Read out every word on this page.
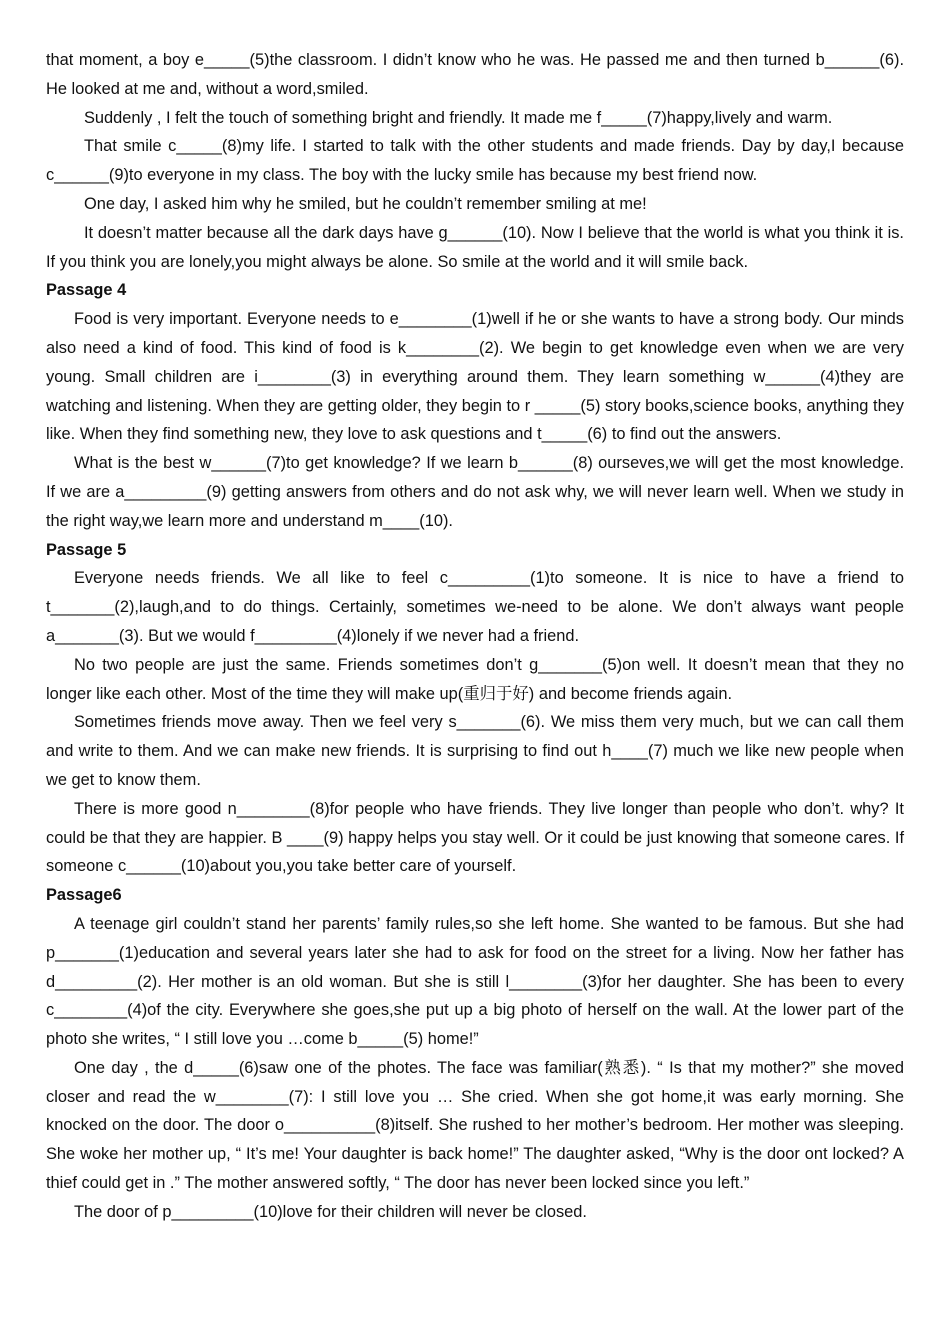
that moment, a boy e_____(5)the classroom. I didn’t know who he was. He passed me and then turned b______(6). He looked at me and, without a word,smiled.

Suddenly , I felt the touch of something bright and friendly. It made me f_____(7)happy,lively and warm.

That smile c_____(8)my life. I started to talk with the other students and made friends. Day by day,I because c______(9)to everyone in my class. The boy with the lucky smile has because my best friend now.

One day, I asked him why he smiled, but he couldn’t remember smiling at me!

It doesn’t matter because all the dark days have g______(10). Now I believe that the world is what you think it is. If you think you are lonely,you might always be alone. So smile at the world and it will smile back.

Passage 4

Food is very important. Everyone needs to e________(1)well if he or she wants to have a strong body. Our minds also need a kind of food. This kind of food is k________(2). We begin to get knowledge even when we are very young. Small children are i________(3) in everything around them. They learn something w______(4)they are watching and listening. When they are getting older, they begin to r _____(5) story books,science books, anything they like. When they find something new, they love to ask questions and t_____(6) to find out the answers.

What is the best w______(7)to get knowledge? If we learn b______(8) ourseves,we will get the most knowledge. If we are a_________(9) getting answers from others and do not ask why, we will never learn well. When we study in the right way,we learn more and understand m____(10).

Passage 5

Everyone needs friends. We all like to feel c_________(1)to someone. It is nice to have a friend to t_______(2),laugh,and to do things. Certainly, sometimes we-need to be alone. We don’t always want people a_______(3). But we would f_________(4)lonely if we never had a friend.

No two people are just the same. Friends sometimes don’t g_______(5)on well. It doesn’t mean that they no longer like each other. Most of the time they will make up(重归于好) and become friends again.

Sometimes friends move away. Then we feel very s_______(6). We miss them very much, but we can call them and write to them. And we can make new friends. It is surprising to find out h____(7) much we like new people when we get to know them.

There is more good n________(8)for people who have friends. They live longer than people who don’t. why? It could be that they are happier. B ____(9) happy helps you stay well. Or it could be just knowing that someone cares. If someone c______(10)about you,you take better care of yourself.

Passage6

A teenage girl couldn’t stand her parents’ family rules,so she left home. She wanted to be famous. But she had p_______(1)education and several years later she had to ask for food on the street for a living. Now her father has d_________(2). Her mother is an old woman. But she is still l________(3)for her daughter. She has been to every c________(4)of the city. Everywhere she goes,she put up a big photo of herself on the wall. At the lower part of the photo she writes, “ I still love you …come b_____(5) home!”

One day , the d_____(6)saw one of the photes. The face was familiar(熟悉). “ Is that my mother?” she moved closer and read the w________(7): I still love you … She cried. When she got home,it was early morning. She knocked on the door. The door o__________(8)itself. She rushed to her mother’s bedroom. Her mother was sleeping. She woke her mother up, “ It’s me! Your daughter is back home!” The daughter asked, “Why is the door ont locked? A thief could get in .” The mother answered softly, “ The door has never been locked since you left.”

The door of p_________(10)love for their children will never be closed.
